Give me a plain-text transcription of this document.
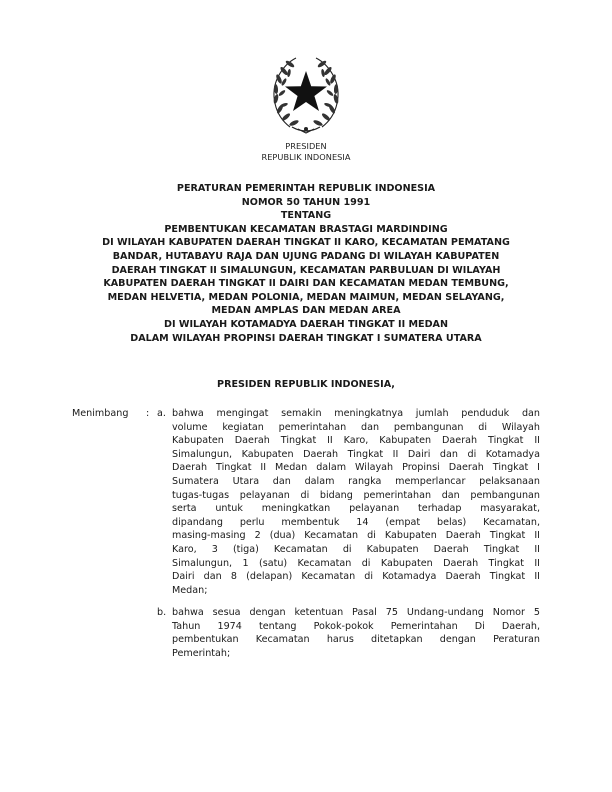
PRESIDEN
REPUBLIK INDONESIA
PERATURAN PEMERINTAH REPUBLIK INDONESIA
NOMOR 50 TAHUN 1991
TENTANG
PEMBENTUKAN KECAMATAN BRASTAGI MARDINDING
DI WILAYAH KABUPATEN DAERAH TINGKAT II KARO, KECAMATAN PEMATANG
BANDAR, HUTABAYU RAJA DAN UJUNG PADANG DI WILAYAH KABUPATEN
DAERAH TINGKAT II SIMALUNGUN, KECAMATAN PARBULUAN DI WILAYAH
KABUPATEN DAERAH TINGKAT II DAIRI DAN KECAMATAN MEDAN TEMBUNG,
MEDAN HELVETIA, MEDAN POLONIA, MEDAN MAIMUN, MEDAN SELAYANG,
MEDAN AMPLAS DAN MEDAN AREA
DI WILAYAH KOTAMADYA DAERAH TINGKAT II MEDAN
DALAM WILAYAH PROPINSI DAERAH TINGKAT I SUMATERA UTARA
PRESIDEN REPUBLIK INDONESIA,
Menimbang : a. bahwa mengingat semakin meningkatnya jumlah penduduk dan
volume kegiatan pemerintahan dan pembangunan di Wilayah
Kabupaten Daerah Tingkat II Karo, Kabupaten Daerah Tingkat II
Simalungun, Kabupaten Daerah Tingkat II Dairi dan di Kotamadya
Daerah Tingkat II Medan dalam Wilayah Propinsi Daerah Tingkat I
Sumatera Utara dan dalam rangka memperlancar pelaksanaan
tugas-tugas pelayanan di bidang pemerintahan dan pembangunan
serta untuk meningkatkan pelayanan terhadap masyarakat,
dipandang perlu membentuk 14 (empat belas) Kecamatan,
masing-masing 2 (dua) Kecamatan di Kabupaten Daerah Tingkat II
Karo, 3 (tiga) Kecamatan di Kabupaten Daerah Tingkat II
Simalungun, 1 (satu) Kecamatan di Kabupaten Daerah Tingkat II
Dairi dan 8 (delapan) Kecamatan di Kotamadya Daerah Tingkat II
Medan;
b. bahwa sesua dengan ketentuan Pasal 75 Undang-undang Nomor 5
Tahun 1974 tentang Pokok-pokok Pemerintahan Di Daerah,
pembentukan Kecamatan harus ditetapkan dengan Peraturan
Pemerintah;
